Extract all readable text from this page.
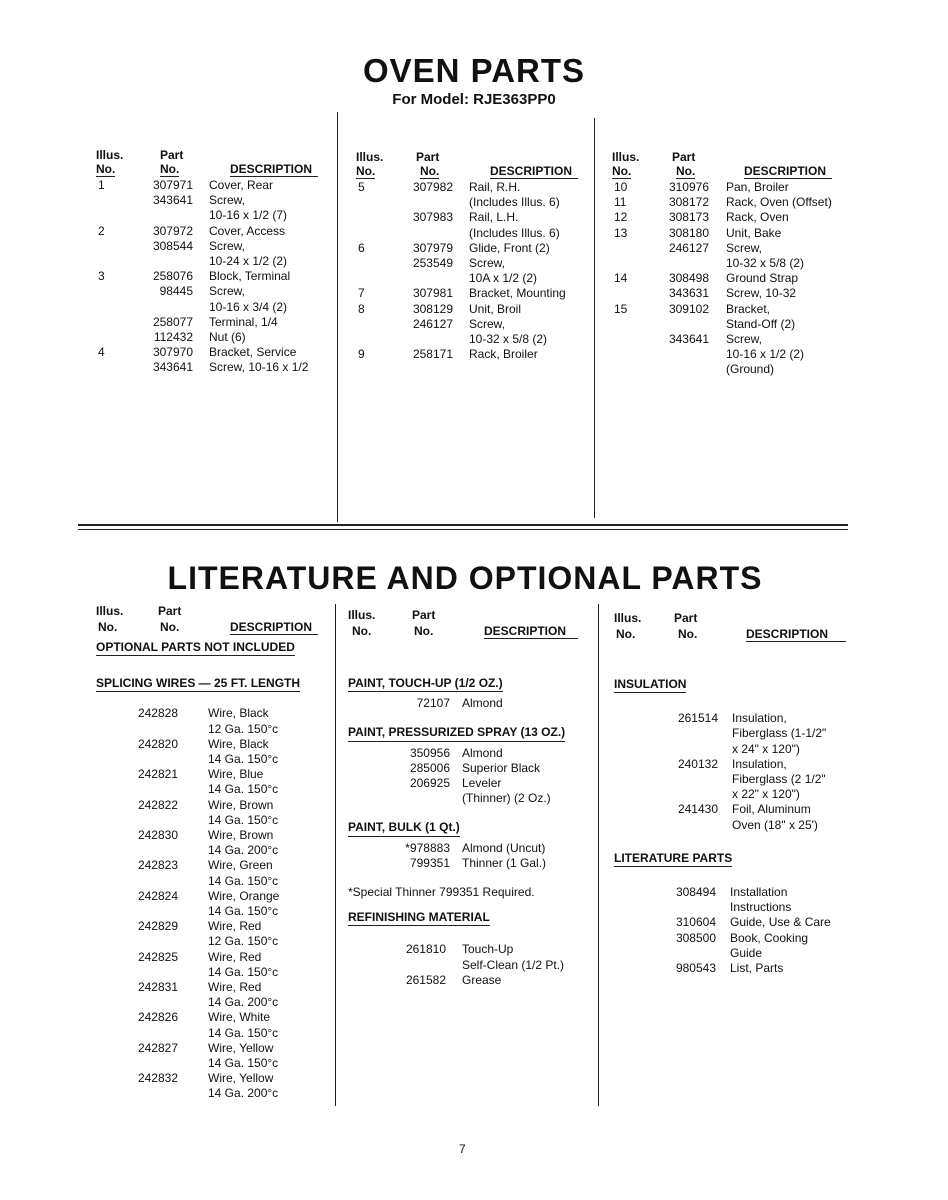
OVEN PARTS
For Model: RJE363PP0
Illus.
No.
Part
No.	DESCRIPTION
1	307971 Cover, Rear
343641 Screw,
10-16 x 1/2 (7)
2	307972 Cover, Access
308544 Screw,
10-24 x 1/2 (2)
3	258076 Block, Terminal
98445 Screw,
10-16 x 3/4 (2)
258077 Terminal, 1/4
112432 Nut (6)
4	307970 Bracket, Service
343641 Screw, 10-16 x 1/2
Illus.
No.
Part
No.	DESCRIPTION
5	307982 Rail, R.H.
(Includes Illus. 6)
307983 Rail, L.H.
(Includes Illus. 6)
6	307979 Glide, Front (2)
253549 Screw,
10A x 1/2 (2)
7	307981 Bracket, Mounting
8	308129 Unit, Broil
246127 Screw,
10-32 x 5/8 (2)
9	258171 Rack, Broiler
Illus.
No.
Part
No.	DESCRIPTION
10	310976 Pan, Broiler
11	308172 Rack, Oven (Offset)
12	308173 Rack, Oven
13	308180 Unit, Bake
246127 Screw,
10-32 x 5/8 (2)
14	308498 Ground Strap
343631 Screw, 10-32
15	309102 Bracket,
Stand-Off (2)
343641 Screw,
10-16 x 1/2 (2)
(Ground)
LITERATURE AND OPTIONAL PARTS
Illus.
No.
Part
No.	DESCRIPTION
OPTIONAL PARTS NOT INCLUDED
SPLICING WIRES — 25 FT. LENGTH
242828	Wire, Black
12 Ga. 150°c
242820	Wire, Black
14 Ga. 150°c
242821	Wire, Blue
14 Ga. 150°c
242822	Wire, Brown
14 Ga. 150°c
242830	Wire, Brown
14 Ga. 200°c
242823	Wire, Green
14 Ga. 150°c
242824	Wire, Orange
14 Ga. 150°c
242829	Wire, Red
12 Ga. 150°c
242825	Wire, Red
14 Ga. 150°c
242831	Wire, Red
14 Ga. 200°c
242826	Wire, White
14 Ga. 150°c
242827	Wire, Yellow
14 Ga. 150°c
242832	Wire, Yellow
14 Ga. 200°c
Illus.
No.
Part
No.	DESCRIPTION
PAINT, TOUCH-UP (1/2 OZ.)
72107 Almond
PAINT, PRESSURIZED SPRAY (13 OZ.)
350956 Almond
285006 Superior Black
206925 Leveler
(Thinner) (2 Oz.)
PAINT, BULK (1 Qt.)
*978883 Almond (Uncut)
799351 Thinner (1 Gal.)
*Special Thinner 799351 Required.
REFINISHING MATERIAL
261810 Touch-Up
Self-Clean (1/2 Pt.)
261582 Grease
Illus.
No.
Part
No.	DESCRIPTION
INSULATION
261514 Insulation,
Fiberglass (1-1/2"
x 24" x 120")
240132 Insulation,
Fiberglass (2 1/2"
x 22" x 120")
241430 Foil, Aluminum
Oven (18" x 25')
LITERATURE PARTS
308494 Installation
Instructions
310604 Guide, Use & Care
308500 Book, Cooking
Guide
980543 List, Parts
7
